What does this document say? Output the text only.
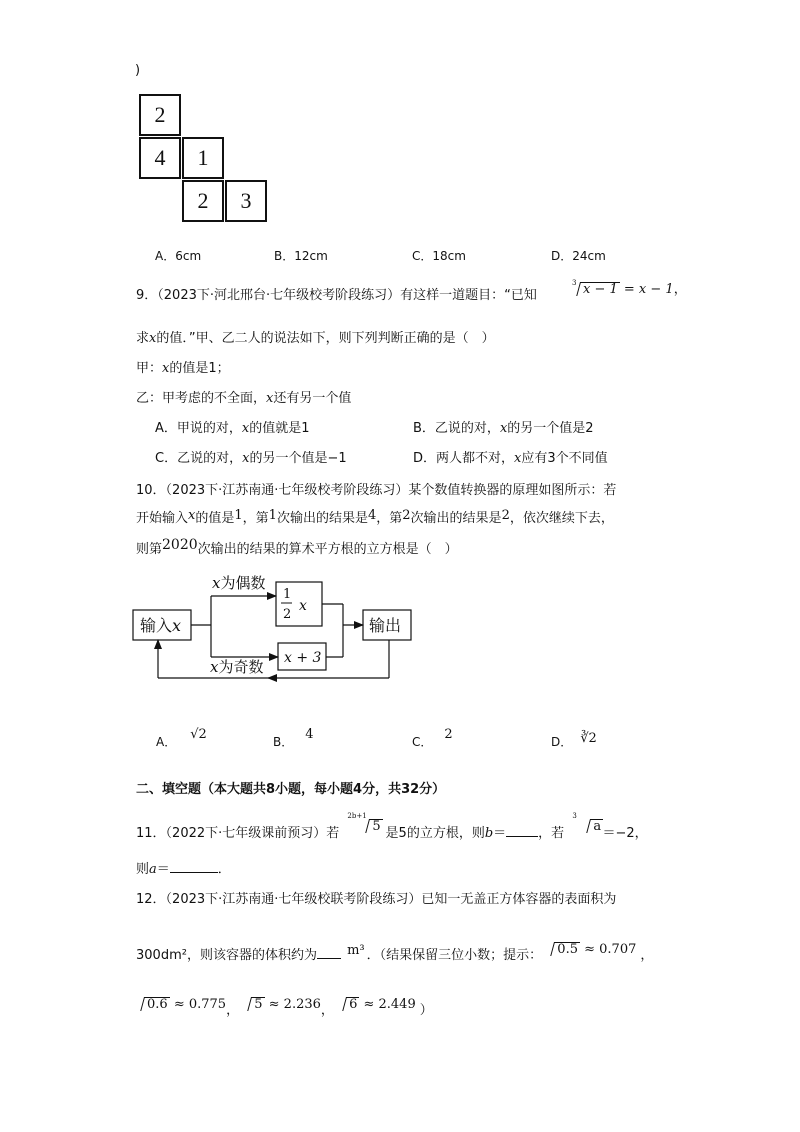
)
2
4	1
2	3
A．6cm	B．12cm	C．18cm	D．24cm
9．（2023下·河北邢台·七年级校考阶段练习）有这样一道题目：“已知
3 x − 1 = x − 1，
求x的值．”甲、乙二人的说法如下，则下列判断正确的是（　）
甲：x的值是1；
乙：甲考虑的不全面，x还有另一个值
A．甲说的对，x的值就是1	B．乙说的对，x的另一个值是2
C．乙说的对，x的另一个值是−1	D．两人都不对，x应有3个不同值
10．（2023下·江苏南通·七年级校考阶段练习）某个数值转换器的原理如图所示：若
开始输入x的值是1，第1次输出的结果是4，第2次输出的结果是2，依次继续下去，
则第2020次输出的结果的算术平方根的立方根是（　）
输入x
x为偶数
x为奇数
1
2
x
x + 3
输出
A． √2	B． 4	C． 2	D． ∛2
二、填空题（本大题共8小题，每小题4分，共32分）
11．（2022下·七年级课前预习）若
2b+1
5 是5的立方根，则b＝ ，若
3
a ＝−2，
则a＝	．
12．（2023下·江苏南通·七年级校联考阶段练习）已知一无盖正方体容器的表面积为
300dm²，则该容器的体积约为 m³ ．（结果保留三位小数；提示： 0.5 ≈ 0.707 ，
0.6 ≈ 0.775， 5 ≈ 2.236， 6 ≈ 2.449 ）
